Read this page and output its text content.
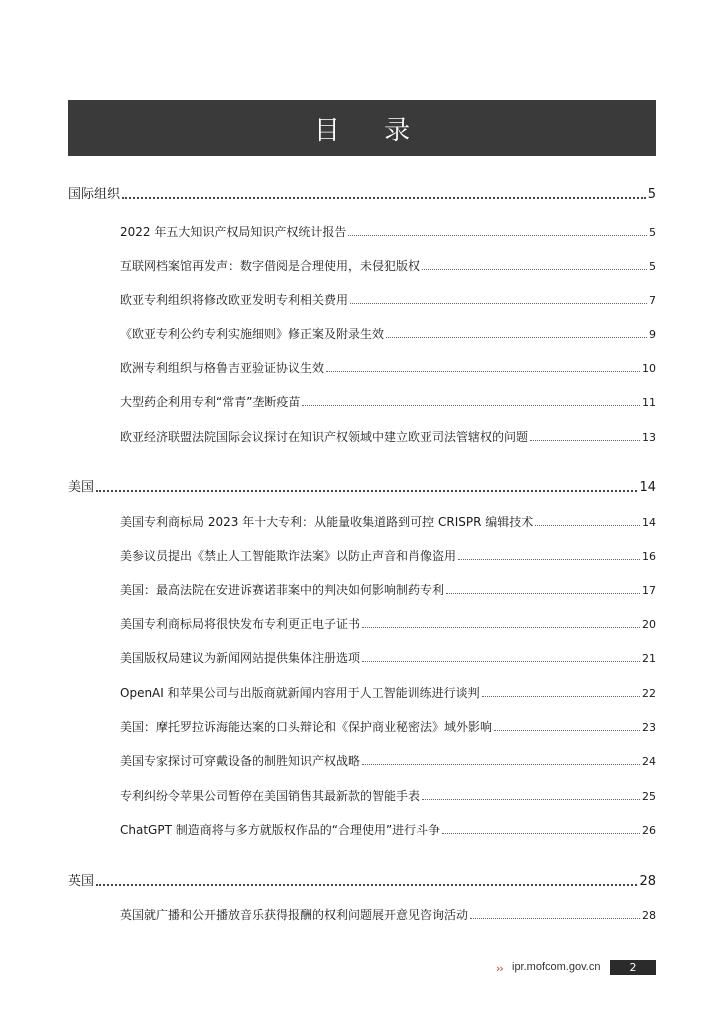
目 录
国际组织	5
2022 年五大知识产权局知识产权统计报告	5
互联网档案馆再发声：数字借阅是合理使用，未侵犯版权	5
欧亚专利组织将修改欧亚发明专利相关费用	7
《欧亚专利公约专利实施细则》修正案及附录生效	9
欧洲专利组织与格鲁吉亚验证协议生效	10
大型药企利用专利“常青”垄断疫苗	11
欧亚经济联盟法院国际会议探讨在知识产权领域中建立欧亚司法管辖权的问题	13
美国	14
美国专利商标局 2023 年十大专利：从能量收集道路到可控 CRISPR 编辑技术	14
美参议员提出《禁止人工智能欺诈法案》以防止声音和肖像盗用	16
美国：最高法院在安进诉赛诺菲案中的判决如何影响制药专利	17
美国专利商标局将很快发布专利更正电子证书	20
美国版权局建议为新闻网站提供集体注册选项	21
OpenAI 和苹果公司与出版商就新闻内容用于人工智能训练进行谈判	22
美国：摩托罗拉诉海能达案的口头辩论和《保护商业秘密法》域外影响	23
美国专家探讨可穿戴设备的制胜知识产权战略	24
专利纠纷令苹果公司暂停在美国销售其最新款的智能手表	25
ChatGPT 制造商将与多方就版权作品的“合理使用”进行斗争	26
英国	28
英国就广播和公开播放音乐获得报酬的权利问题展开意见咨询活动	28
›› ipr.mofcom.gov.cn	2
